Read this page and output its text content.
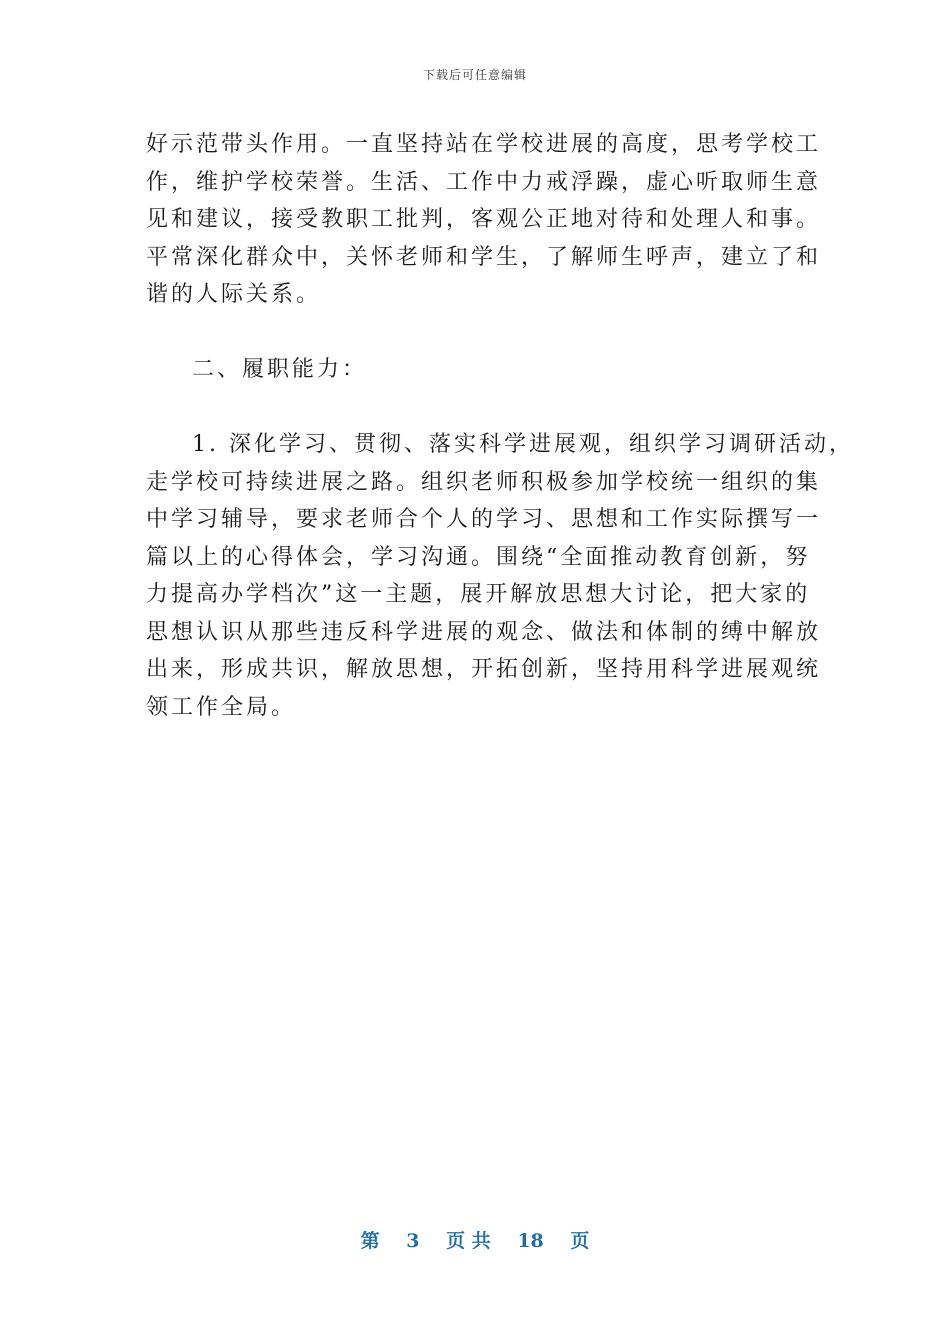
下载后可任意编辑
好示范带头作用。一直坚持站在学校进展的高度，思考学校工
作，维护学校荣誉。生活、工作中力戒浮躁，虚心听取师生意
见和建议，接受教职工批判，客观公正地对待和处理人和事。
平常深化群众中，关怀老师和学生，了解师生呼声，建立了和
谐的人际关系。
二、履职能力：
1. 深化学习、贯彻、落实科学进展观，组织学习调研活动，
走学校可持续进展之路。组织老师积极参加学校统一组织的集
中学习辅导，要求老师合个人的学习、思想和工作实际撰写一
篇以上的心得体会，学习沟通。围绕“全面推动教育创新，努
力提高办学档次”这一主题，展开解放思想大讨论，把大家的
思想认识从那些违反科学进展的观念、做法和体制的缚中解放
出来，形成共识，解放思想，开拓创新，坚持用科学进展观统
领工作全局。
第 3 页 共 18 页
